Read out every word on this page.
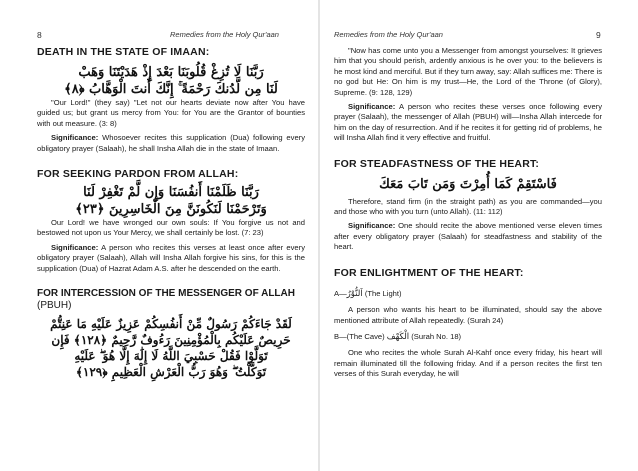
8	Remedies from the Holy Qur'aan
DEATH IN THE STATE OF IMAAN:
رَبَّنَا لَا تُزِغْ قُلُوبَنَا بَعْدَ إِذْ هَدَيْتَنَا وَهَبْ
لَنَا مِن لَّدُنكَ رَحْمَةً ۚ إِنَّكَ أَنتَ الْوَهَّابُ ﴿٨﴾

"Our Lord!" (they say) "Let not our hearts deviate now after You have guided us; but grant us mercy from You: for You are the Grantor of bounties with out measure. (3: 8)

Significance: Whosoever recites this supplication (Dua) following every obligatory prayer (Salaah), he shall Insha Allah die in the state of Imaan.

FOR SEEKING PARDON FROM ALLAH:
رَبَّنَا ظَلَمْنَا أَنفُسَنَا وَإِن لَّمْ تَغْفِرْ لَنَا
وَتَرْحَمْنَا لَنَكُونَنَّ مِنَ الْخَاسِرِينَ ﴿٢٣﴾

Our Lord! we have wronged our own souls: If You forgive us not and bestowed not upon us Your Mercy, we shall certainly be lost. (7: 23)

Significance: A person who recites this verses at least once after every obligatory prayer (Salaah), Allah will Insha Allah forgive his sins, for this is the supplication (Dua) of Hazrat Adam A.S. after he descended on the earth.

FOR INTERCESSION OF THE MESSENGER OF ALLAH (PBUH)
لَقَدْ جَاءَكُمْ رَسُولٌ مِّنْ أَنفُسِكُمْ عَزِيزٌ عَلَيْهِ مَا عَنِتُّمْ
حَرِيصٌ عَلَيْكُم بِالْمُؤْمِنِينَ رَءُوفٌ رَّحِيمٌ ﴿١٢٨﴾ فَإِن
تَوَلَّوْا فَقُلْ حَسْبِيَ اللَّهُ لَا إِلَٰهَ إِلَّا هُوَ ۖ عَلَيْهِ
تَوَكَّلْتُ ۖ وَهُوَ رَبُّ الْعَرْشِ الْعَظِيمِ ﴿١٢٩﴾
Remedies from the Holy Qur'aan	9

"Now has come unto you a Messenger from amongst yourselves: It grieves him that you should perish, ardently anxious is he over you: to the believers is he most kind and merciful. But if they turn away, say: Allah suffices me: There is no god but He: On him is my trust—He, the Lord of the Throne (of Glory), Supreme. (9: 128, 129)

Significance: A person who recites these verses once following every prayer (Salaah), the messenger of Allah (PBUH) will—Insha Allah intercede for him on the day of resurrection. And if he recites it for getting rid of problems, he will Insha Allah find it very effective and fruitful.

FOR STEADFASTNESS OF THE HEART:
فَاسْتَقِمْ كَمَا أُمِرْتَ وَمَن تَابَ مَعَكَ

Therefore, stand firm (in the straight path) as you are commanded—you and those who with you turn (unto Allah). (11: 112)

Significance: One should recite the above mentioned verse eleven times after every obligatory prayer (Salaah) for steadfastness and stability of the heart.

FOR ENLIGHTMENT OF THE HEART:

A—اَلنُّوْرُ (The Light)

A person who wants his heart to be illuminated, should say the above mentioned attribute of Allah repeatedly. (Surah 24)

B—(The Cave) الْكَهْف (Surah No. 18)

One who recites the whole Surah Al-Kahf once every friday, his heart will remain illuminated till the following friday. And if a person recites the first ten verses of this Surah everyday, he will
